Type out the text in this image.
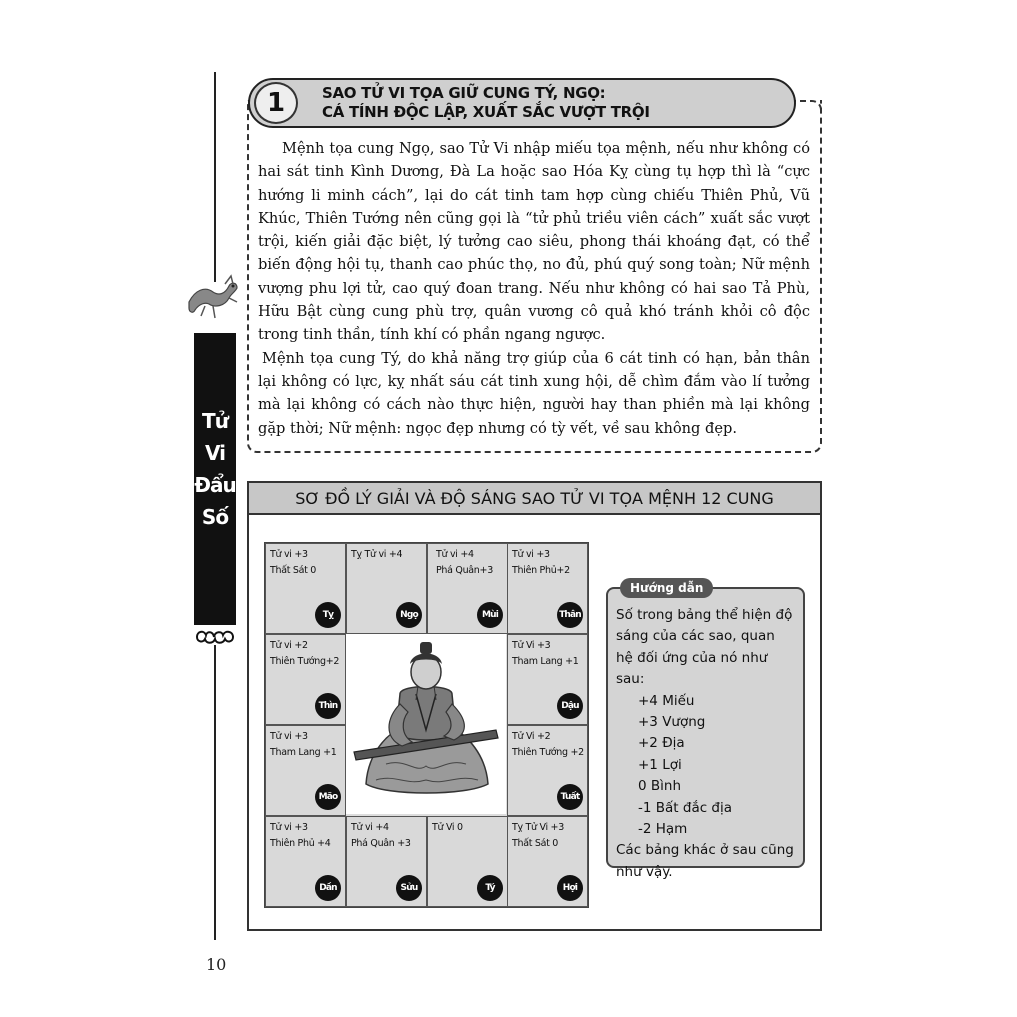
Tử
Vi
Đẩu
Số
10
1	SAO TỬ VI TỌA GIỮ CUNG TÝ, NGỌ:
CÁ TÍNH ĐỘC LẬP, XUẤT SẮC VƯỢT TRỘI

Mệnh tọa cung Ngọ, sao Tử Vi nhập miếu tọa mệnh, nếu như không có hai sát tinh Kình Dương, Đà La hoặc sao Hóa Kỵ cùng tụ hợp thì là “cực hướng li minh cách”, lại do cát tinh tam hợp cùng chiếu Thiên Phủ, Vũ Khúc, Thiên Tướng nên cũng gọi là “tử phủ triều viên cách” xuất sắc vượt trội, kiến giải đặc biệt, lý tưởng cao siêu, phong thái khoáng đạt, có thể biến động hội tụ, thanh cao phúc thọ, no đủ, phú quý song toàn; Nữ mệnh vượng phu lợi tử, cao quý đoan trang. Nếu như không có hai sao Tả Phù, Hữu Bật cùng cung phù trợ, quân vương cô quả khó tránh khỏi cô độc trong tinh thần, tính khí có phần ngang ngược.

Mệnh tọa cung Tý, do khả năng trợ giúp của 6 cát tinh có hạn, bản thân lại không có lực, kỵ nhất sáu cát tinh xung hội, dễ chìm đắm vào lí tưởng mà lại không có cách nào thực hiện, người hay than phiền mà lại không gặp thời; Nữ mệnh: ngọc đẹp nhưng có tỳ vết, về sau không đẹp.

SƠ ĐỒ LÝ GIẢI VÀ ĐỘ SÁNG SAO TỬ VI TỌA MỆNH 12 CUNG
Tử vi +3
Thất Sát 0
Tỵ
Tỵ Tử vi +4
Ngọ
Tử vi +4
Phá Quân+3
Mùi
Tử vi +3
Thiên Phủ+2
Thân
Tử vi +2
Thiên Tướng+2
Thìn
Tử Vi +3
Tham Lang +1
Dậu
Tử vi +3
Tham Lang +1
Mão
Tử Vi +2
Thiên Tướng +2
Tuất
Tử vi +3
Thiên Phủ +4
Dần
Tử vi +4
Phá Quân +3
Sửu
Tử Vi 0
Tý
Tỵ Tử Vi +3
Thất Sát 0
Hợi
Số trong bảng thể hiện độ sáng của các sao, quan hệ đối ứng của nó như sau:
+4 Miếu
+3 Vượng
+2 Địa
+1 Lợi
0 Bình
-1 Bất đắc địa
-2 Hạm
Các bảng khác ở sau cũng như vậy.
Hướng dẫn
